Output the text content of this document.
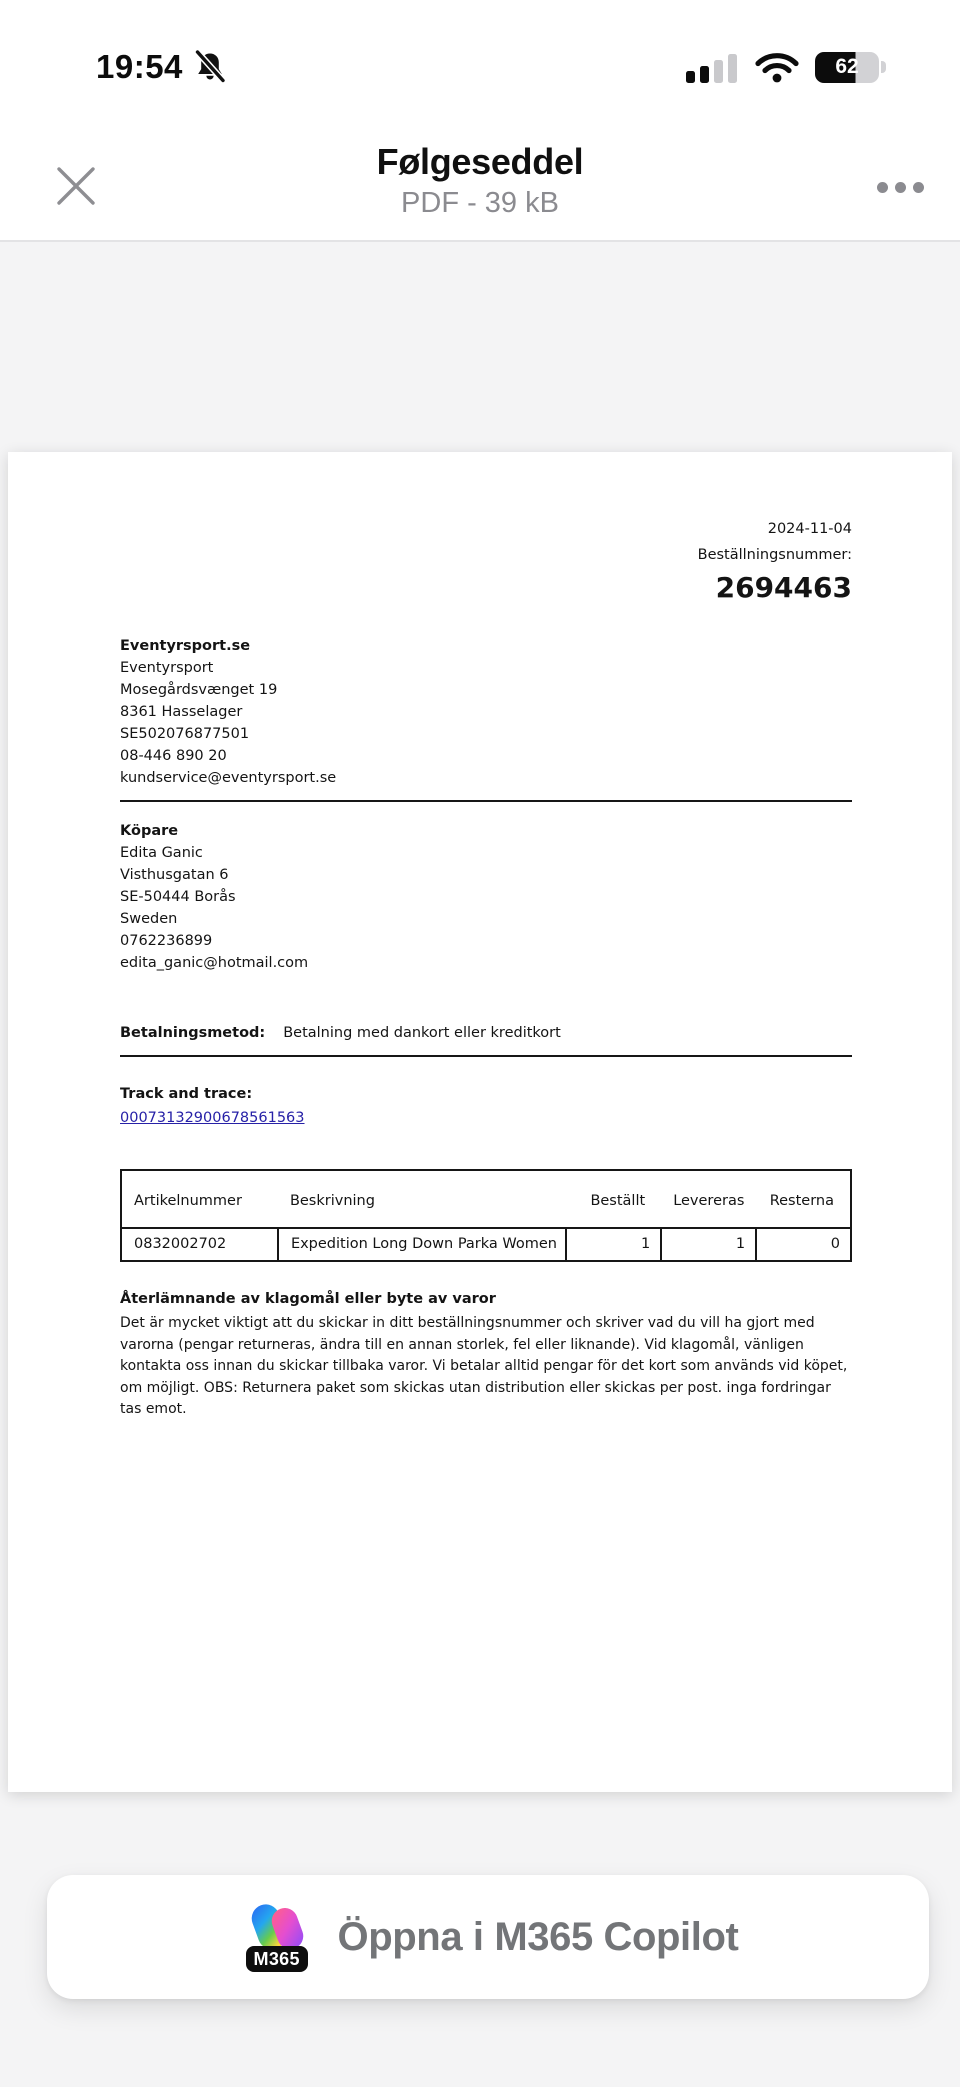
19:54	62
Følgeseddel
PDF - 39 kB
2024-11-04
Beställningsnummer:
2694463
Eventyrsport.se
Eventyrsport
Mosegårdsvænget 19
8361 Hasselager
SE502076877501
08-446 890 20
kundservice@eventyrsport.se
Köpare
Edita Ganic
Visthusgatan 6
SE-50444 Borås
Sweden
0762236899
edita_ganic@hotmail.com
Betalningsmetod: Betalning med dankort eller kreditkort
Track and trace:
00073132900678561563
Artikelnummer	Beskrivning	Beställt	Levereras	Resterna
0832002702	Expedition Long Down Parka Women	1	1	0
Återlämnande av klagomål eller byte av varor
Det är mycket viktigt att du skickar in ditt beställningsnummer och skriver vad du vill ha gjort med varorna (pengar returneras, ändra till en annan storlek, fel eller liknande). Vid klagomål, vänligen kontakta oss innan du skickar tillbaka varor. Vi betalar alltid pengar för det kort som används vid köpet, om möjligt. OBS: Returnera paket som skickas utan distribution eller skickas per post. inga fordringar tas emot.
M365
Öppna i M365 Copilot
